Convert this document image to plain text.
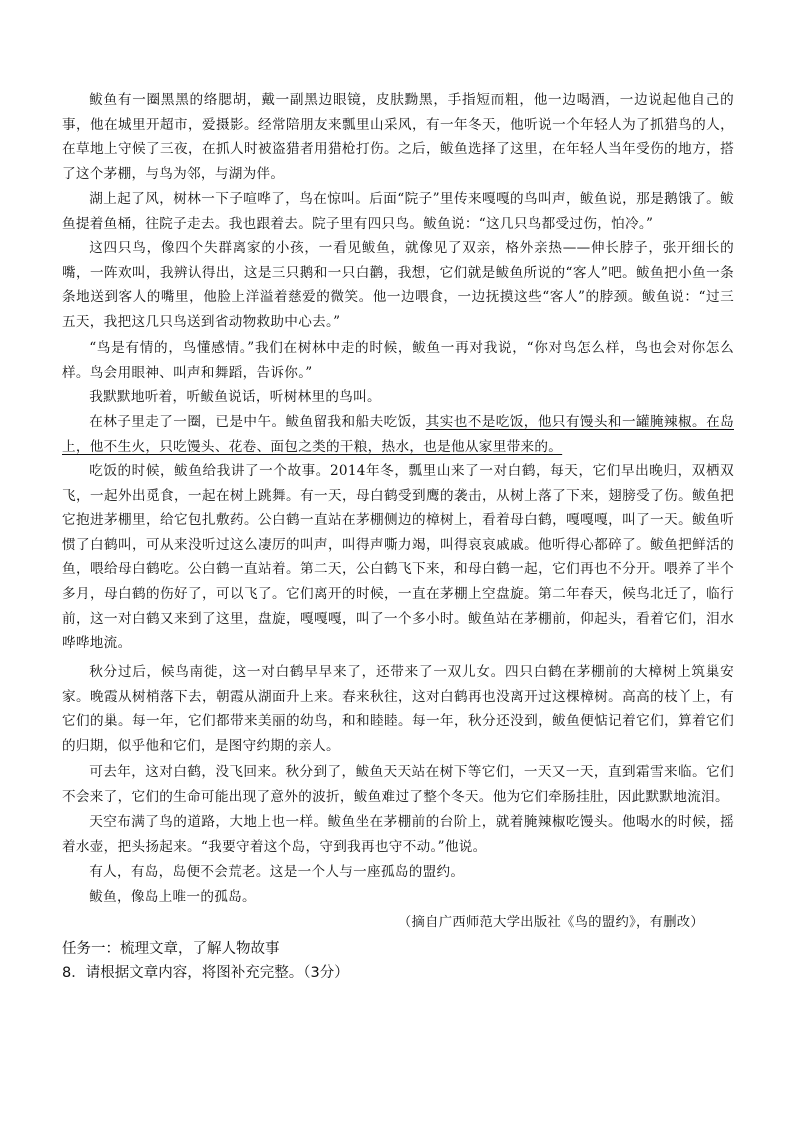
鲅鱼有一圈黑黑的络腮胡，戴一副黑边眼镜，皮肤黝黑，手指短而粗，他一边喝酒，一边说起他自己的事，他在城里开超市，爱摄影。经常陪朋友来瓢里山采风，有一年冬天，他听说一个年轻人为了抓猎鸟的人，在草地上守候了三夜，在抓人时被盗猎者用猎枪打伤。之后，鲅鱼选择了这里，在年轻人当年受伤的地方，搭了这个茅棚，与鸟为邻，与湖为伴。

湖上起了风，树林一下子喧哗了，鸟在惊叫。后面“院子”里传来嘎嘎的鸟叫声，鲅鱼说，那是鹅饿了。鲅鱼提着鱼桶，往院子走去。我也跟着去。院子里有四只鸟。鲅鱼说：“这几只鸟都受过伤，怕冷。”

这四只鸟，像四个失群离家的小孩，一看见鲅鱼，就像见了双亲，格外亲热——伸长脖子，张开细长的嘴，一阵欢叫，我辨认得出，这是三只鹅和一只白鹳，我想，它们就是鲅鱼所说的“客人”吧。鲅鱼把小鱼一条条地送到客人的嘴里，他脸上洋溢着慈爱的微笑。他一边喂食，一边抚摸这些“客人”的脖颈。鲅鱼说：“过三五天，我把这几只鸟送到省动物救助中心去。”

“鸟是有情的，鸟懂感情。”我们在树林中走的时候，鲅鱼一再对我说，“你对鸟怎么样，鸟也会对你怎么样。鸟会用眼神、叫声和舞蹈，告诉你。”

我默默地听着，听鲅鱼说话，听树林里的鸟叫。

在林子里走了一圈，已是中午。鲅鱼留我和船夫吃饭，其实也不是吃饭，他只有馒头和一罐腌辣椒。在岛上，他不生火，只吃馒头、花卷、面包之类的干粮，热水，也是他从家里带来的。

吃饭的时候，鲅鱼给我讲了一个故事。2014年冬，瓢里山来了一对白鹤，每天，它们早出晚归，双栖双飞，一起外出觅食，一起在树上跳舞。有一天，母白鹤受到鹰的袭击，从树上落了下来，翅膀受了伤。鲅鱼把它抱进茅棚里，给它包扎敷药。公白鹤一直站在茅棚侧边的樟树上，看着母白鹤，嘎嘎嘎，叫了一天。鲅鱼听惯了白鹤叫，可从来没听过这么凄厉的叫声，叫得声嘶力竭，叫得哀哀戚戚。他听得心都碎了。鲅鱼把鲜活的鱼，喂给母白鹤吃。公白鹤一直站着。第二天，公白鹤飞下来，和母白鹤一起，它们再也不分开。喂养了半个多月，母白鹤的伤好了，可以飞了。它们离开的时候，一直在茅棚上空盘旋。第二年春天，候鸟北迁了，临行前，这一对白鹤又来到了这里，盘旋，嘎嘎嘎，叫了一个多小时。鲅鱼站在茅棚前，仰起头，看着它们，泪水哗哗地流。

秋分过后，候鸟南徙，这一对白鹤早早来了，还带来了一双儿女。四只白鹤在茅棚前的大樟树上筑巢安家。晚霞从树梢落下去，朝霞从湖面升上来。春来秋往，这对白鹤再也没离开过这棵樟树。高高的枝丫上，有它们的巢。每一年，它们都带来美丽的幼鸟，和和睦睦。每一年，秋分还没到，鲅鱼便惦记着它们，算着它们的归期，似乎他和它们，是图守约期的亲人。

可去年，这对白鹤，没飞回来。秋分到了，鲅鱼天天站在树下等它们，一天又一天，直到霜雪来临。它们不会来了，它们的生命可能出现了意外的波折，鲅鱼难过了整个冬天。他为它们牵肠挂肚，因此默默地流泪。

天空布满了鸟的道路，大地上也一样。鲅鱼坐在茅棚前的台阶上，就着腌辣椒吃馒头。他喝水的时候，摇着水壶，把头扬起来。“我要守着这个岛，守到我再也守不动。”他说。

有人，有岛，岛便不会荒老。这是一个人与一座孤岛的盟约。

鲅鱼，像岛上唯一的孤岛。

（摘自广西师范大学出版社《鸟的盟约》，有删改）

任务一：梳理文章，了解人物故事

8．请根据文章内容，将图补充完整。（3分）
